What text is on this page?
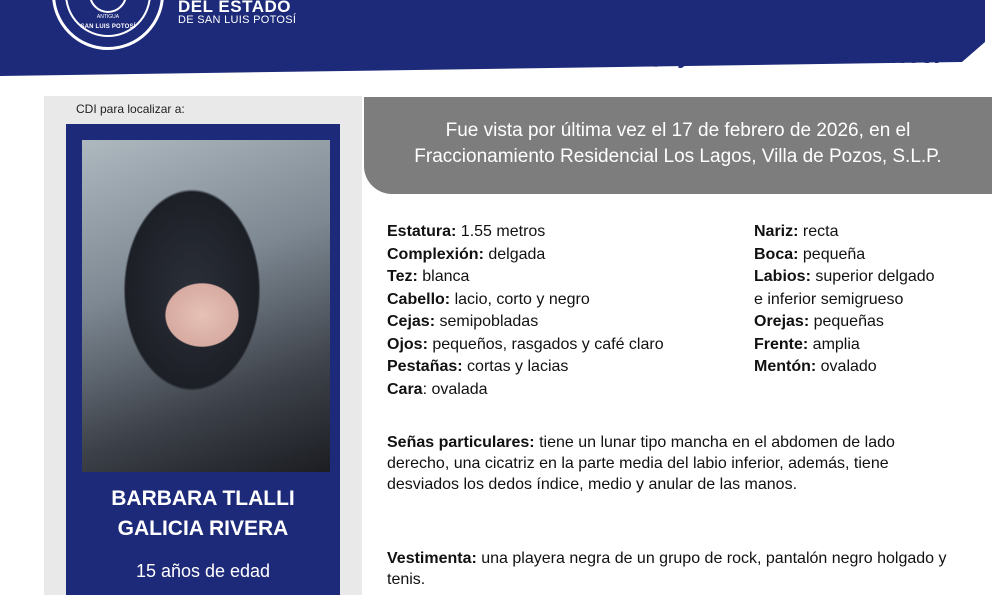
ANTIGUA
SAN LUIS POTOSÍ
DEL ESTADO
DE SAN LUIS POTOSÍ
¡Ayúdanos a localizarles!
CDI para localizar a:
BARBARA TLALLI
GALICIA RIVERA
15 años de edad
Fue vista por última vez el 17 de febrero de 2026, en el
Fraccionamiento Residencial Los Lagos, Villa de Pozos, S.L.P.
Estatura: 1.55 metros
Complexión: delgada
Tez: blanca
Cabello: lacio, corto y negro
Cejas: semipobladas
Ojos: pequeños, rasgados y café claro
Pestañas: cortas y lacias
Cara: ovalada
Nariz: recta
Boca: pequeña
Labios: superior delgado
e inferior semigrueso
Orejas: pequeñas
Frente: amplia
Mentón: ovalado
Señas particulares: tiene un lunar tipo mancha en el abdomen de lado derecho, una cicatriz en la parte media del labio inferior, además, tiene desviados los dedos índice, medio y anular de las manos.
Vestimenta: una playera negra de un grupo de rock, pantalón negro holgado y tenis.
